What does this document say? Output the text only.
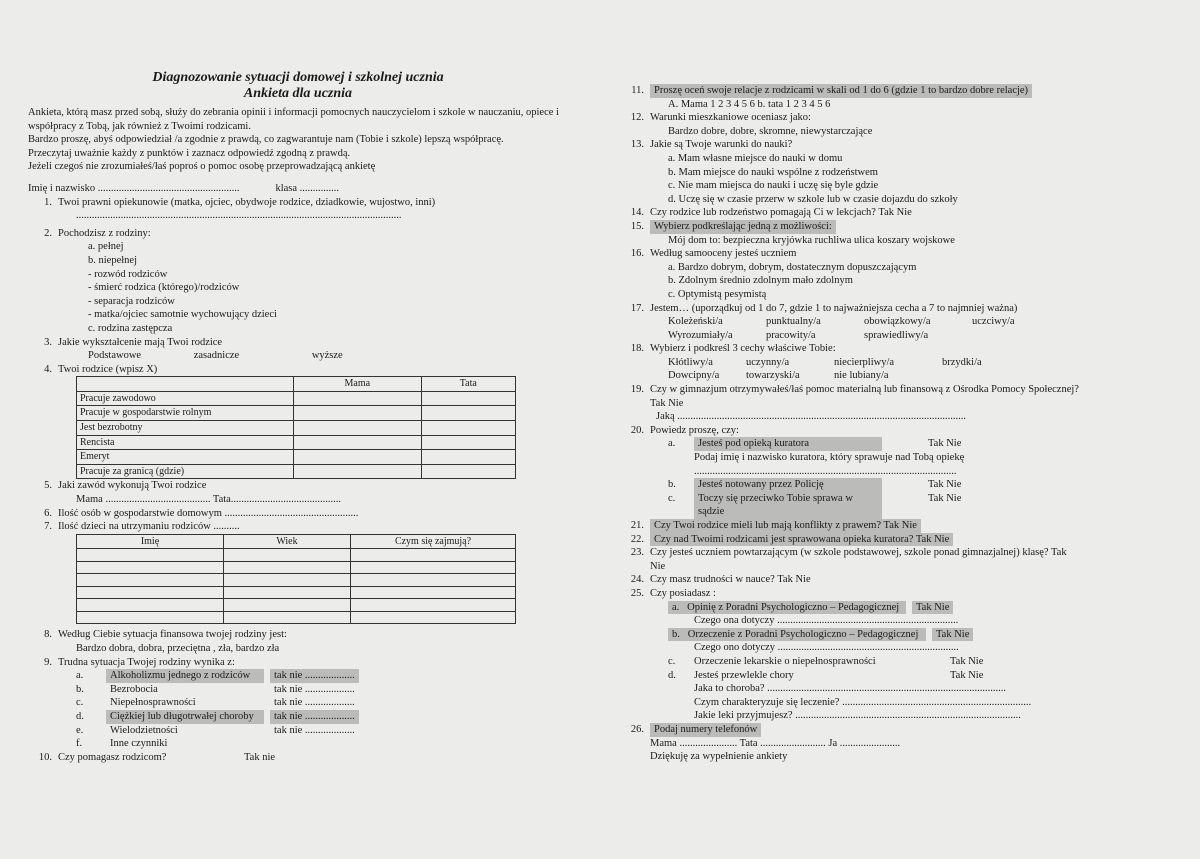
Diagnozowanie sytuacji domowej i szkolnej ucznia
Ankieta dla ucznia

Ankieta, którą masz przed sobą, służy do zebrania opinii i informacji pomocnych nauczycielom i szkole w nauczaniu, opiece i współpracy z Tobą, jak również z Twoimi rodzicami.

Bardzo proszę, abyś odpowiedział /a zgodnie z prawdą, co zagwarantuje nam (Tobie i szkole) lepszą współpracę.

Przeczytaj uważnie każdy z punktów i zaznacz odpowiedź zgodną z prawdą.

Jeżeli czegoś nie zrozumiałeś/łaś poproś o pomoc osobę przeprowadzającą ankietę

Imię i nazwisko ......................................................	klasa ...............
1. Twoi prawni opiekunowie (matka, ojciec, obydwoje rodzice, dziadkowie, wujostwo, inni)
............................................................................................................................
2. Pochodzisz z rodziny:
a. pełnej
b. niepełnej
- rozwód rodziców
- śmierć rodzica (którego)/rodziców
- separacja rodziców
- matka/ojciec samotnie wychowujący dzieci
c. rodzina zastępcza
3. Jakie wykształcenie mają Twoi rodzice
Podstawowe	zasadnicze	wyższe
4. Twoi rodzice (wpisz X)
	Mama	Tata
Pracuje zawodowo		
Pracuje w gospodarstwie rolnym		
Jest bezrobotny		
Rencista		
Emeryt		
Pracuje za granicą (gdzie)		
5. Jaki zawód wykonują Twoi rodzice
Mama ........................................ Tata..........................................
6. Ilość osób w gospodarstwie domowym ...................................................
7. Ilość dzieci na utrzymaniu rodziców ..........
Imię	Wiek	Czym się zajmują?

8. Według Ciebie sytuacja finansowa twojej rodziny jest:
Bardzo dobra, dobra, przeciętna , zła, bardzo zła
9. Trudna sytuacja Twojej rodziny wynika z:
a.	Alkoholizmu jednego z rodziców	tak nie ...................
b.	Bezrobocia	tak nie ...................
c.	Niepełnosprawności	tak nie ...................
d.	Ciężkiej lub długotrwałej choroby	tak nie ...................
e.	Wielodzietności	tak nie ...................
f.	Inne czynniki
10. Czy pomagasz rodzicom?	Tak nie
11. Proszę oceń swoje relacje z rodzicami w skali od 1 do 6 (gdzie 1 to bardzo dobre relacje)
A. Mama 1 2 3 4 5 6 b. tata 1 2 3 4 5 6
12. Warunki mieszkaniowe oceniasz jako:
Bardzo dobre, dobre, skromne, niewystarczające
13. Jakie są Twoje warunki do nauki?
a. Mam własne miejsce do nauki w domu
b. Mam miejsce do nauki wspólne z rodzeństwem
c. Nie mam miejsca do nauki i uczę się byle gdzie
d. Uczę się w czasie przerw w szkole lub w czasie dojazdu do szkoły
14. Czy rodzice lub rodzeństwo pomagają Ci w lekcjach? Tak Nie
15. Wybierz podkreślając jedną z możliwości:
Mój dom to: bezpieczna kryjówka ruchliwa ulica koszary wojskowe
16. Według samooceny jesteś uczniem
a. Bardzo dobrym, dobrym, dostatecznym dopuszczającym
b. Zdolnym średnio zdolnym mało zdolnym
c. Optymistą pesymistą
17. Jestem… (uporządkuj od 1 do 7, gdzie 1 to najważniejsza cecha a 7 to najmniej ważna)
Koleżeński/a	punktualny/a	obowiązkowy/a	uczciwy/a
Wyrozumiały/a	pracowity/a	sprawiedliwy/a
18. Wybierz i podkreśl 3 cechy właściwe Tobie:
Kłótliwy/a	uczynny/a	niecierpliwy/a	brzydki/a
Dowcipny/a	towarzyski/a	nie lubiany/a
19. Czy w gimnazjum otrzymywałeś/łaś pomoc materialną lub finansową z Ośrodka Pomocy Społecznej?
Tak Nie
Jaką ..............................................................................................................
20. Powiedz proszę, czy:
a.	Jesteś pod opieką kuratora	Tak Nie
Podaj imię i nazwisko kuratora, który sprawuje nad Tobą opiekę
....................................................................................................
b.	Jesteś notowany przez Policję	Tak Nie
c.	Toczy się przeciwko Tobie sprawa w sądzie
Tak Nie
21. Czy Twoi rodzice mieli lub mają konflikty z prawem? Tak Nie
22. Czy nad Twoimi rodzicami jest sprawowana opieka kuratora? Tak Nie
23. Czy jesteś uczniem powtarzającym (w szkole podstawowej, szkole ponad gimnazjalnej) klasę? Tak
Nie
24. Czy masz trudności w nauce? Tak Nie
25. Czy posiadasz :
a. Opinię z Poradni Psychologiczno – Pedagogicznej	Tak Nie
Czego ona dotyczy .....................................................................
b. Orzeczenie z Poradni Psychologiczno – Pedagogicznej	Tak Nie
Czego ono dotyczy .....................................................................
c.	Orzeczenie lekarskie o niepełnosprawności	Tak Nie
d.	Jesteś przewlekle chory	Tak Nie
Jaka to choroba? ...........................................................................................
Czym charakteryzuje się leczenie? ........................................................................
Jakie leki przyjmujesz? ......................................................................................
26. Podaj numery telefonów
Mama ...................... Tata ......................... Ja .......................
Dziękuję za wypełnienie ankiety
